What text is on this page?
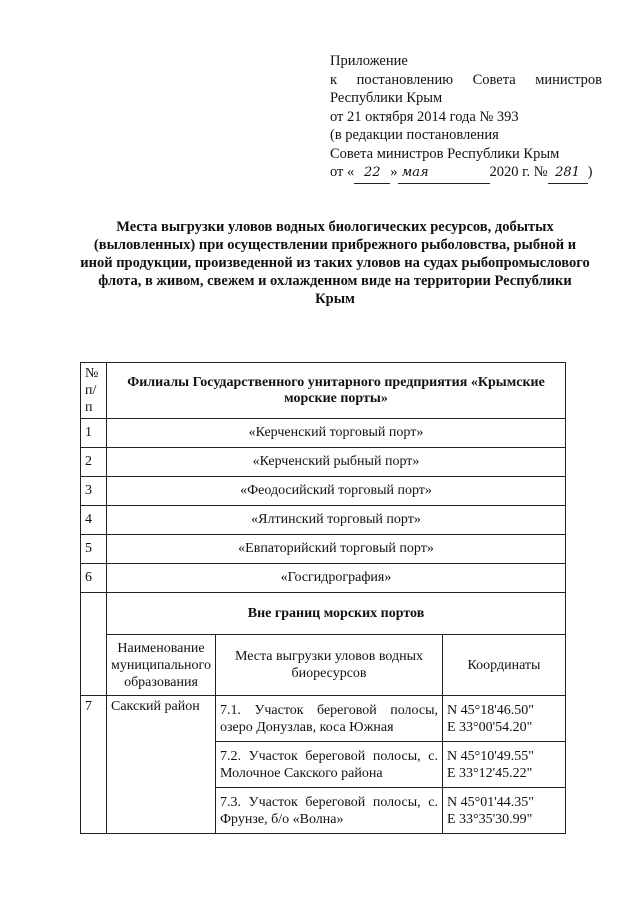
Приложение
к постановлению Совета министров
Республики Крым
от 21 октября 2014 года № 393
(в редакции постановления
Совета министров Республики Крым
от « 22 » мая	2020 г. № 281 )
Места выгрузки уловов водных биологических ресурсов, добытых (выловленных) при осуществлении прибрежного рыболовства, рыбной и иной продукции, произведенной из таких уловов на судах рыбопромыслового флота, в живом, свежем и охлажденном виде на территории Республики Крым
№ п/п	Филиалы Государственного унитарного предприятия «Крымские морские порты»		
1	«Керченский торговый порт»		
2	«Керченский рыбный порт»		
3	«Феодосийский торговый порт»		
4	«Ялтинский торговый порт»		
5	«Евпаторийский торговый порт»		
6	«Госгидрография»		
	Вне границ морских портов		
	Наименование муниципального образования	Места выгрузки уловов водных биоресурсов	Координаты
7	Сакский район	7.1. Участок береговой полосы, озеро Донузлав, коса Южная	N 45°18'46.50"
E 33°00'54.20"
		7.2. Участок береговой полосы, с. Молочное Сакского района	N 45°10'49.55"
E 33°12'45.22"
		7.3. Участок береговой полосы, с. Фрунзе, б/о «Волна»	N 45°01'44.35"
E 33°35'30.99"
